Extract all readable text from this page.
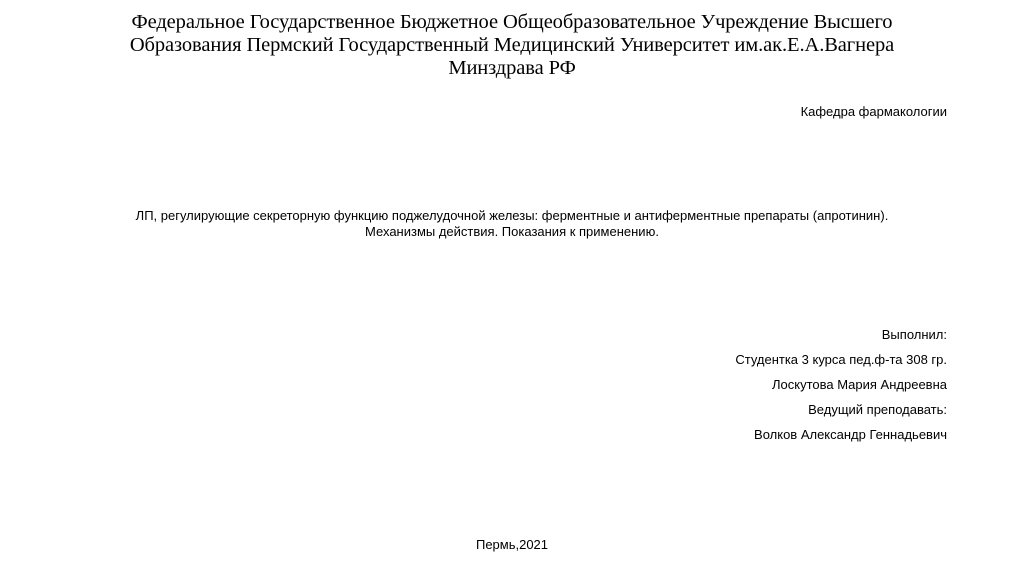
Федеральное Государственное Бюджетное Общеобразовательное Учреждение Высшего
Образования Пермский Государственный Медицинский Университет им.ак.Е.А.Вагнера
Минздрава РФ
Кафедра фармакологии
ЛП, регулирующие секреторную функцию поджелудочной железы: ферментные и антиферментные препараты (апротинин).
Механизмы действия. Показания к применению.
Выполнил:
Студентка 3 курса пед.ф-та 308 гр.
Лоскутова Мария Андреевна
Ведущий преподавать:
Волков Александр Геннадьевич
Пермь,2021
